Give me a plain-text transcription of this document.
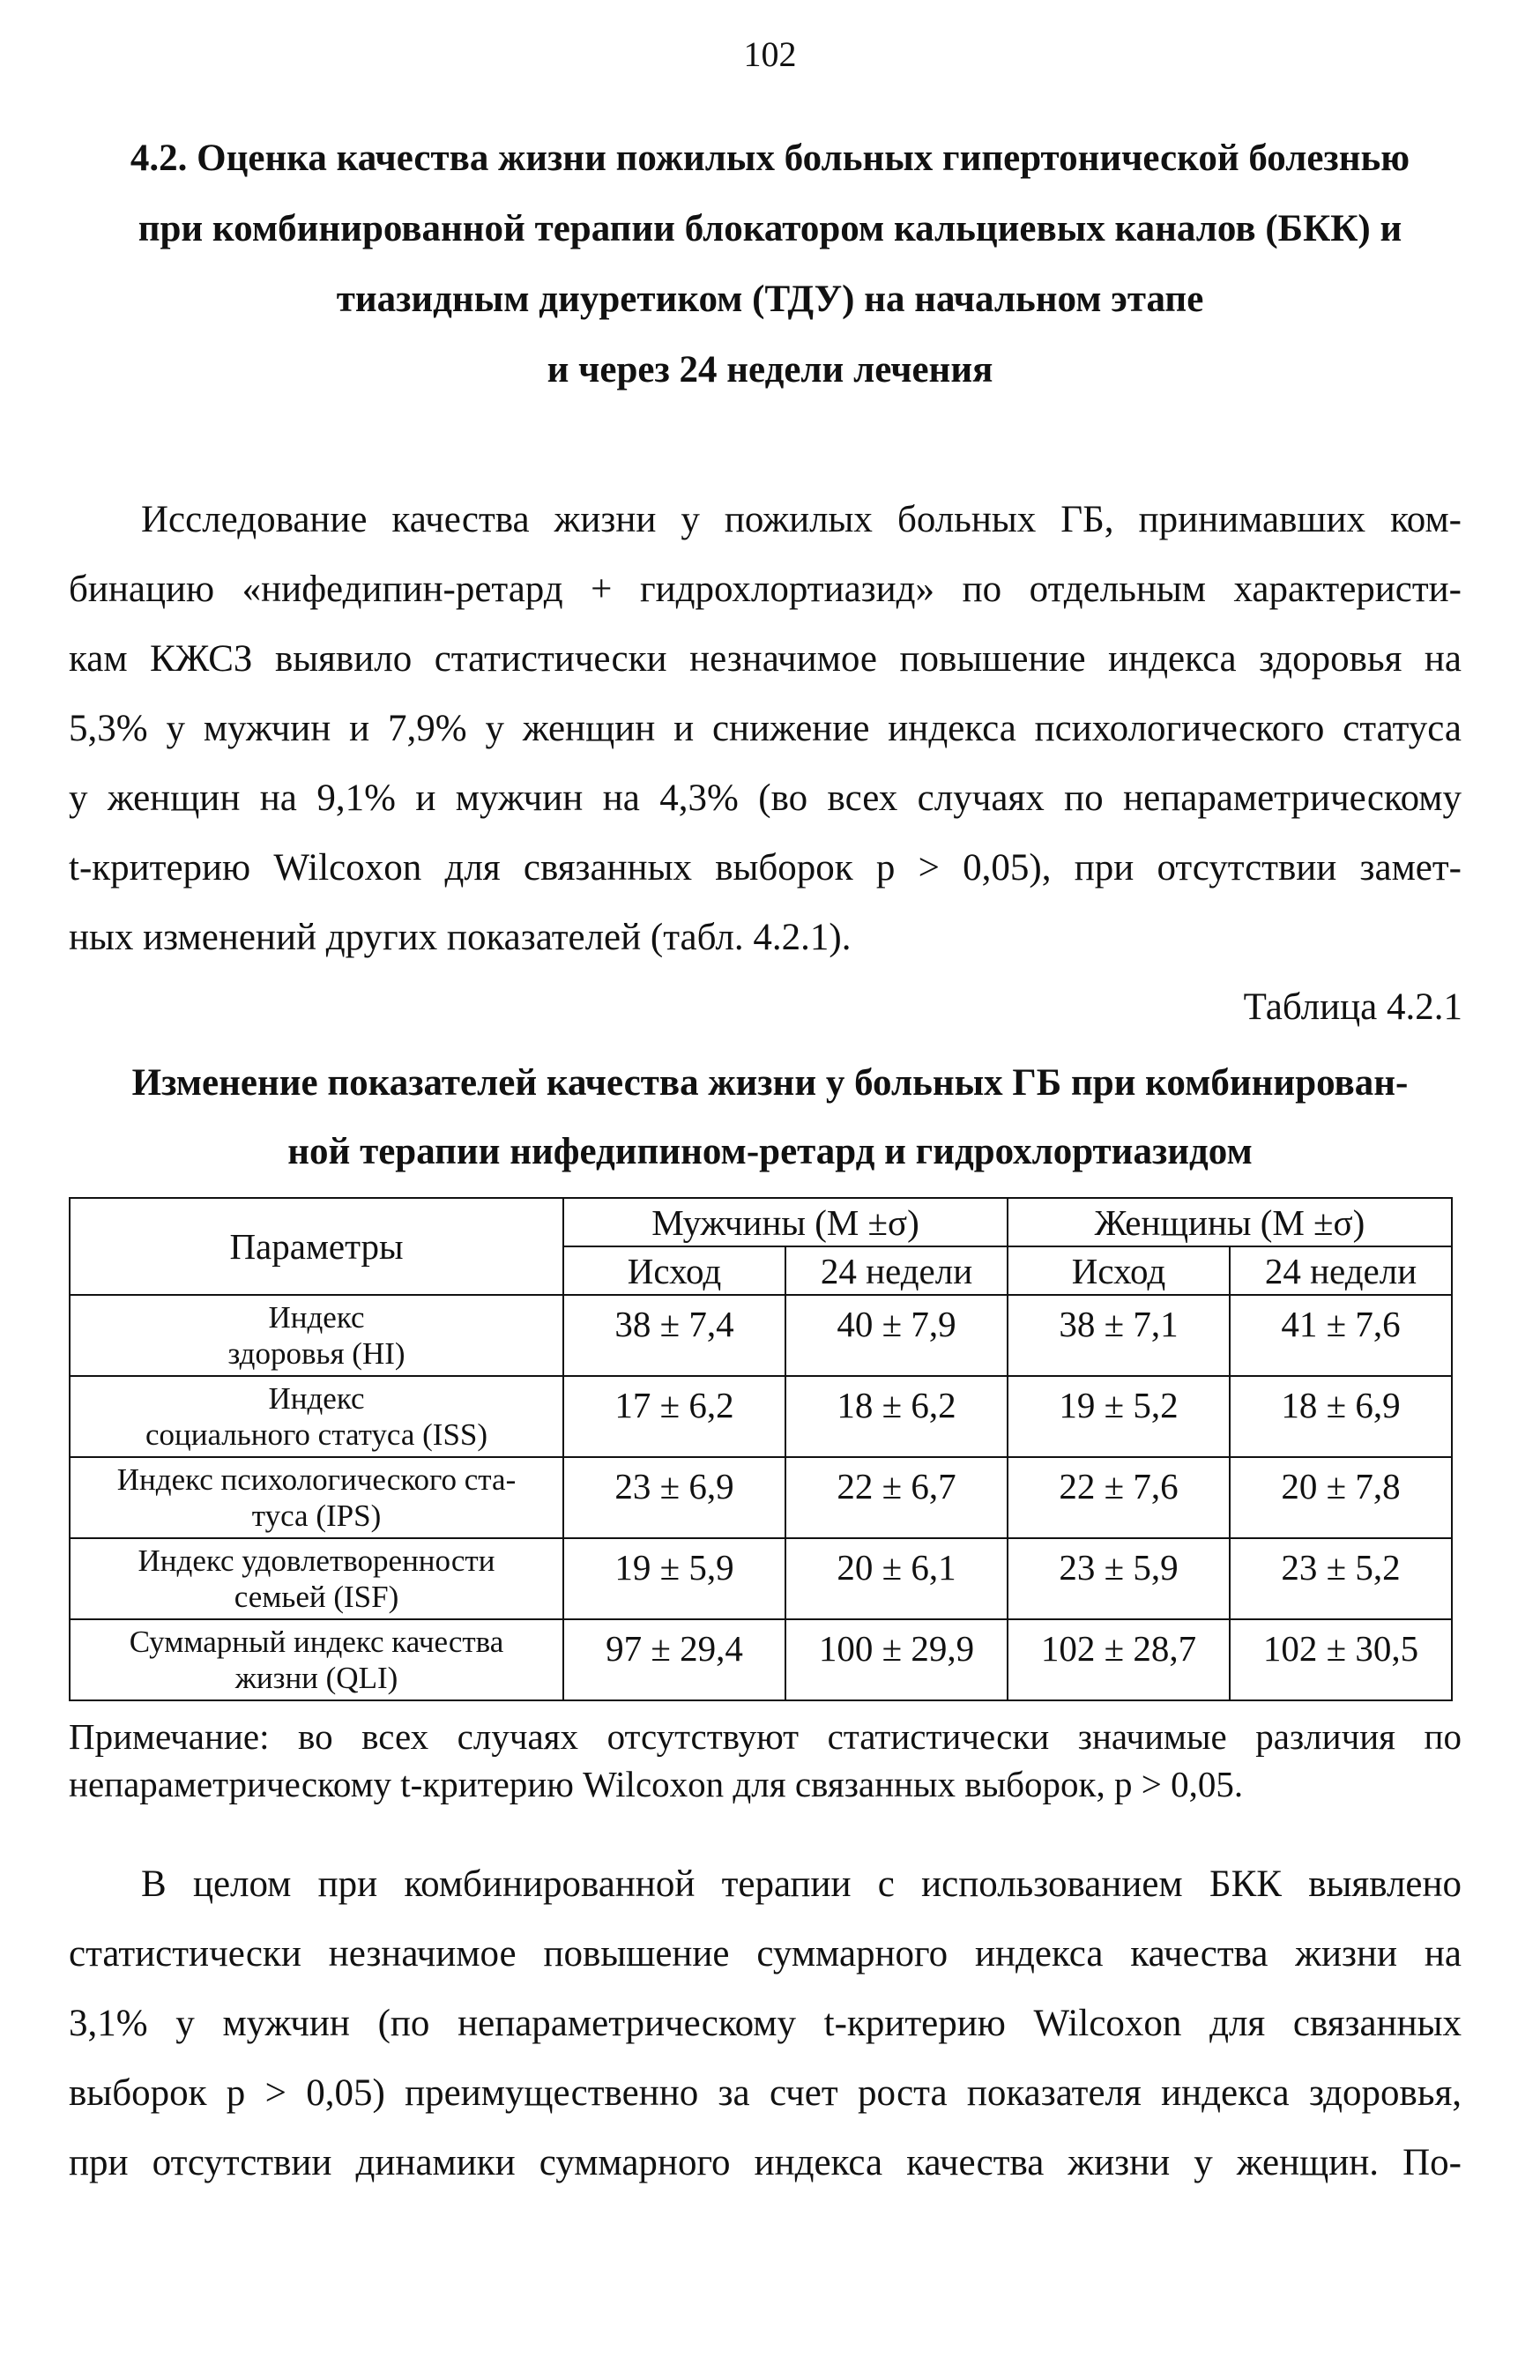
102
4.2. Оценка качества жизни пожилых больных гипертонической болезнью
при комбинированной терапии блокатором кальциевых каналов (БКК) и
тиазидным диуретиком (ТДУ) на начальном этапе
и через 24 недели лечения
Исследование качества жизни у пожилых больных ГБ, принимавших ком-
бинацию «нифедипин-ретард + гидрохлортиазид» по отдельным характеристи-
кам КЖСЗ выявило статистически незначимое повышение индекса здоровья на
5,3% у мужчин и 7,9% у женщин и снижение индекса психологического статуса
у женщин на 9,1% и мужчин на 4,3% (во всех случаях по непараметрическому
t-критерию Wilcoxon для связанных выборок p > 0,05), при отсутствии замет-
ных изменений других показателей (табл. 4.2.1).
Таблица 4.2.1
Изменение показателей качества жизни у больных ГБ при комбинирован-
ной терапии нифедипином-ретард и гидрохлортиазидом
Параметры	Мужчины (М ±σ)		Женщины (М ±σ)	
	Исход	24 недели	Исход	24 недели

Индекс
здоровья (HI)	38 ± 7,4	40 ± 7,9	38 ± 7,1	41 ± 7,6

Индекс
социального статуса (ISS)	17 ± 6,2	18 ± 6,2	19 ± 5,2	18 ± 6,9

Индекс психологического ста-
туса (IPS)	23 ± 6,9	22 ± 6,7	22 ± 7,6	20 ± 7,8

Индекс удовлетворенности
семьей (ISF)	19 ± 5,9	20 ± 6,1	23 ± 5,9	23 ± 5,2

Суммарный индекс качества
жизни (QLI)	97 ± 29,4	100 ± 29,9	102 ± 28,7	102 ± 30,5
Примечание: во всех случаях отсутствуют статистически значимые различия по
непараметрическому t-критерию Wilcoxon для связанных выборок, p > 0,05.
В целом при комбинированной терапии с использованием БКК выявлено
статистически незначимое повышение суммарного индекса качества жизни на
3,1% у мужчин (по непараметрическому t-критерию Wilcoxon для связанных
выборок p > 0,05) преимущественно за счет роста показателя индекса здоровья,
при отсутствии динамики суммарного индекса качества жизни у женщин. По-
